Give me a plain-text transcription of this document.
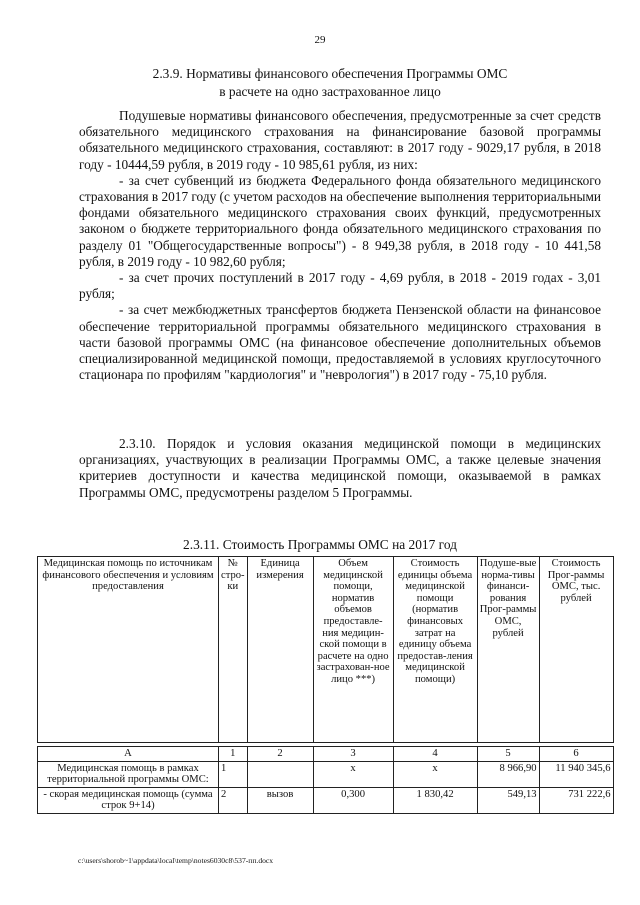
29
2.3.9. Нормативы финансового обеспечения Программы ОМС
в расчете на одно застрахованное лицо

Подушевые нормативы финансового обеспечения, предусмотренные за счет средств обязательного медицинского страхования на финансирование базовой программы обязательного медицинского страхования, составляют: в 2017 году - 9029,17 рубля, в 2018 году - 10444,59 рубля, в 2019 году - 10 985,61 рубля, из них:

- за счет субвенций из бюджета Федерального фонда обязательного медицинского страхования в 2017 году (с учетом расходов на обеспечение выполнения территориальными фондами обязательного медицинского страхования своих функций, предусмотренных законом о бюджете территориального фонда обязательного медицинского страхования по разделу 01 "Общегосударственные вопросы") - 8 949,38 рубля, в 2018 году - 10 441,58 рубля, в 2019 году - 10 982,60 рубля;

- за счет прочих поступлений в 2017 году - 4,69 рубля, в 2018 - 2019 годах - 3,01 рубля;

- за счет межбюджетных трансфертов бюджета Пензенской области на финансовое обеспечение территориальной программы обязательного медицинского страхования в части базовой программы ОМС (на финансовое обеспечение дополнительных объемов специализированной медицинской помощи, предоставляемой в условиях круглосуточного стационара по профилям "кардиология" и "неврология") в 2017 году - 75,10 рубля.

2.3.10. Порядок и условия оказания медицинской помощи в медицинских организациях, участвующих в реализации Программы ОМС, а также целевые значения критериев доступности и качества медицинской помощи, оказываемой в рамках Программы ОМС, предусмотрены разделом 5 Программы.

2.3.11. Стоимость Программы ОМС на 2017 год
Медицинская помощь по источникам финансового обеспечения и условиям предоставления	№ стро-ки	Единица измерения	Объем медицинской помощи, норматив объемов предоставле-ния медицин-ской помощи в расчете на одно застрахован-ное лицо ***)	Стоимость единицы объема медицинской помощи (норматив финансовых затрат на единицу объема предостав-ления медицинской помощи)	Подуше-вые норма-тивы финанси-рования Прог-раммы ОМС, рублей	Стоимость Прог-раммы ОМС, тыс. рублей

А	1	2	3	4	5	6
Медицинская помощь в рамках территориальной программы ОМС:	1		х	х	8 966,90	11 940 345,6
- скорая медицинская помощь (сумма строк 9+14)	2	вызов	0,300	1 830,42	549,13	731 222,6
c:\users\shorob~1\appdata\local\temp\notes6030c8\537-пп.docx
